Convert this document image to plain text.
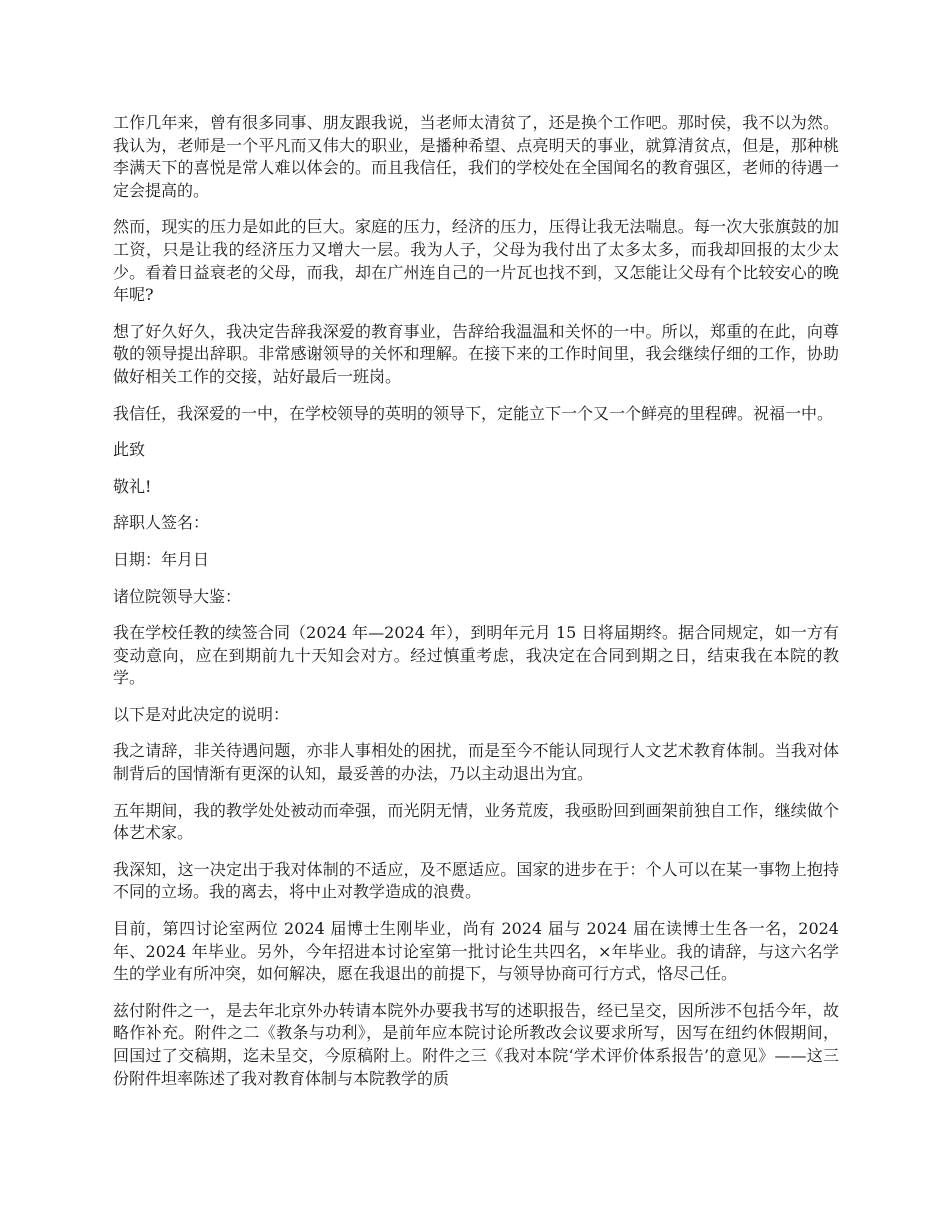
工作几年来，曾有很多同事、朋友跟我说，当老师太清贫了，还是换个工作吧。那时侯，我不以为然。我认为，老师是一个平凡而又伟大的职业，是播种希望、点亮明天的事业，就算清贫点，但是，那种桃李满天下的喜悦是常人难以体会的。而且我信任，我们的学校处在全国闻名的教育强区，老师的待遇一定会提高的。

然而，现实的压力是如此的巨大。家庭的压力，经济的压力，压得让我无法喘息。每一次大张旗鼓的加工资，只是让我的经济压力又增大一层。我为人子，父母为我付出了太多太多，而我却回报的太少太少。看着日益衰老的父母，而我，却在广州连自己的一片瓦也找不到，又怎能让父母有个比较安心的晚年呢?

想了好久好久，我决定告辞我深爱的教育事业，告辞给我温温和关怀的一中。所以，郑重的在此，向尊敬的领导提出辞职。非常感谢领导的关怀和理解。在接下来的工作时间里，我会继续仔细的工作，协助做好相关工作的交接，站好最后一班岗。

我信任，我深爱的一中，在学校领导的英明的领导下，定能立下一个又一个鲜亮的里程碑。祝福一中。

此致

敬礼!

辞职人签名：

日期：年月日

诸位院领导大鉴：

我在学校任教的续签合同（2024 年—2024 年），到明年元月 15 日将届期终。据合同规定，如一方有变动意向，应在到期前九十天知会对方。经过慎重考虑，我决定在合同到期之日，结束我在本院的教学。

以下是对此决定的说明：

我之请辞，非关待遇问题，亦非人事相处的困扰，而是至今不能认同现行人文艺术教育体制。当我对体制背后的国情渐有更深的认知，最妥善的办法，乃以主动退出为宜。

五年期间，我的教学处处被动而牵强，而光阴无情，业务荒废，我亟盼回到画架前独自工作，继续做个体艺术家。

我深知，这一决定出于我对体制的不适应，及不愿适应。国家的进步在于：个人可以在某一事物上抱持不同的立场。我的离去，将中止对教学造成的浪费。

目前，第四讨论室两位 2024 届博士生刚毕业，尚有 2024 届与 2024 届在读博士生各一名，2024 年、2024 年毕业。另外，今年招进本讨论室第一批讨论生共四名，×年毕业。我的请辞，与这六名学生的学业有所冲突，如何解决，愿在我退出的前提下，与领导协商可行方式，恪尽己任。

兹付附件之一，是去年北京外办转请本院外办要我书写的述职报告，经已呈交，因所涉不包括今年，故略作补充。附件之二《教条与功利》，是前年应本院讨论所教改会议要求所写，因写在纽约休假期间，回国过了交稿期，迄未呈交，今原稿附上。附件之三《我对本院‘学术评价体系报告’的意见》——这三份附件坦率陈述了我对教育体制与本院教学的质
